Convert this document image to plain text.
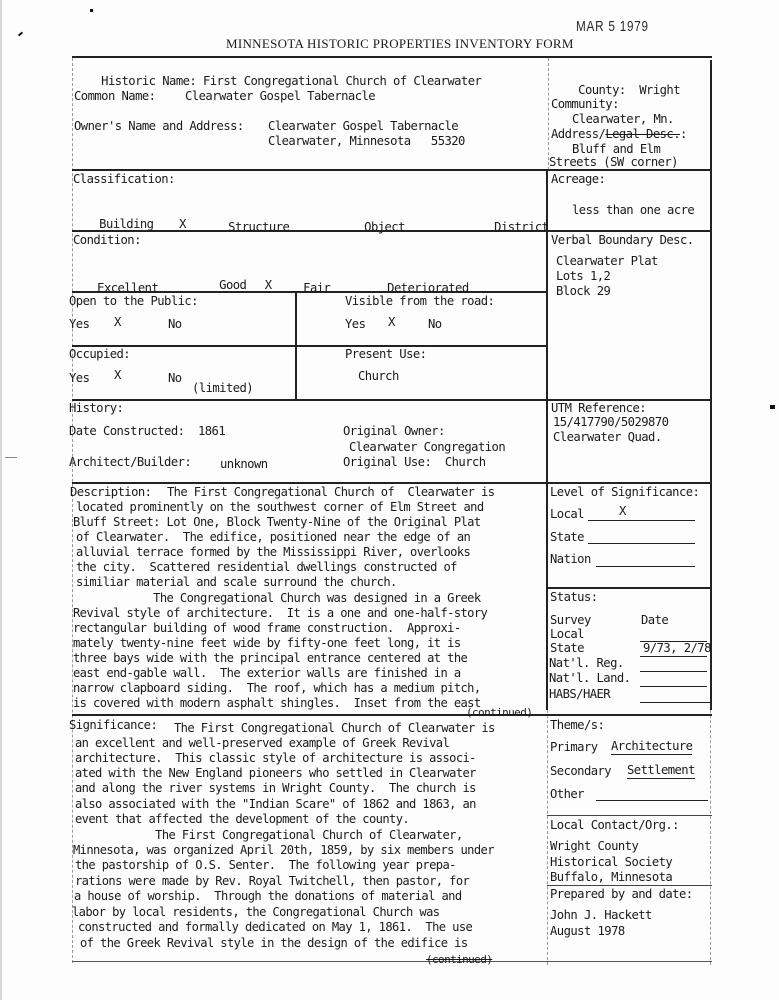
MAR 5 1979
MINNESOTA HISTORIC PROPERTIES INVENTORY FORM

Historic Name: First Congregational Church of Clearwater

Common Name: Clearwater Gospel Tabernacle
Owner's Name and Address: Clearwater Gospel Tabernacle
Clearwater, Minnesota   55320

County: Wright

Community:
Clearwater, Mn.
Address/Legal Desc.:
Bluff and Elm
Streets (SW corner)
Classification:

Building X
	Structure
	Object
	District

Acreage:
less than one acre
Condition:

Excellent
	Good X
	Fair
	Deteriorated

Verbal Boundary Desc.
Clearwater Plat
Lots 1,2
Block 29
Open to the Public:
Yes X	No
Visible from the road:
Yes X	No
Occupied:
Yes X	No
(limited)
Present Use:
Church
History:
Date Constructed: 1861
Architect/Builder: unknown
Original Owner:
Clearwater Congregation
Original Use: Church
UTM Reference:
15/417790/5029870
Clearwater Quad.
Description: The First Congregational Church of  Clearwater is
located prominently on the southwest corner of Elm Street and
Bluff Street: Lot One, Block Twenty-Nine of the Original Plat
of Clearwater.  The edifice, positioned near the edge of an
alluvial terrace formed by the Mississippi River, overlooks
the city.  Scattered residential dwellings constructed of
similiar material and scale surround the church.
The Congregational Church was designed in a Greek
Revival style of architecture.  It is a one and one-half-story
rectangular building of wood frame construction.  Approxi-
mately twenty-nine feet wide by fifty-one feet long, it is
three bays wide with the principal entrance centered at the
east end-gable wall.  The exterior walls are finished in a
narrow clapboard siding.  The roof, which has a medium pitch,
is covered with modern asphalt shingles.  Inset from the east
(continued)
Level of Significance:
Local	X
State
Nation
Status:
Survey	Date
Local
State	9/73, 2/78
Nat'l. Reg.
Nat'l. Land.
HABS/HAER
Significance: The First Congregational Church of Clearwater is
an excellent and well-preserved example of Greek Revival
architecture.  This classic style of architecture is associ-
ated with the New England pioneers who settled in Clearwater
and along the river systems in Wright County.  The church is
also associated with the "Indian Scare" of 1862 and 1863, an
event that affected the development of the county.
The First Congregational Church of Clearwater,
Minnesota, was organized April 20th, 1859, by six members under
the pastorship of O.S. Senter.  The following year prepa-
rations were made by Rev. Royal Twitchell, then pastor, for
a house of worship.  Through the donations of material and
labor by local residents, the Congregational Church was
constructed and formally dedicated on May 1, 1861.  The use
of the Greek Revival style in the design of the edifice is
(continued)
Theme/s:
Primary Architecture
Secondary Settlement
Other
Local Contact/Org.:
Wright County
Historical Society
Buffalo, Minnesota
Prepared by and date:
John J. Hackett
August 1978
